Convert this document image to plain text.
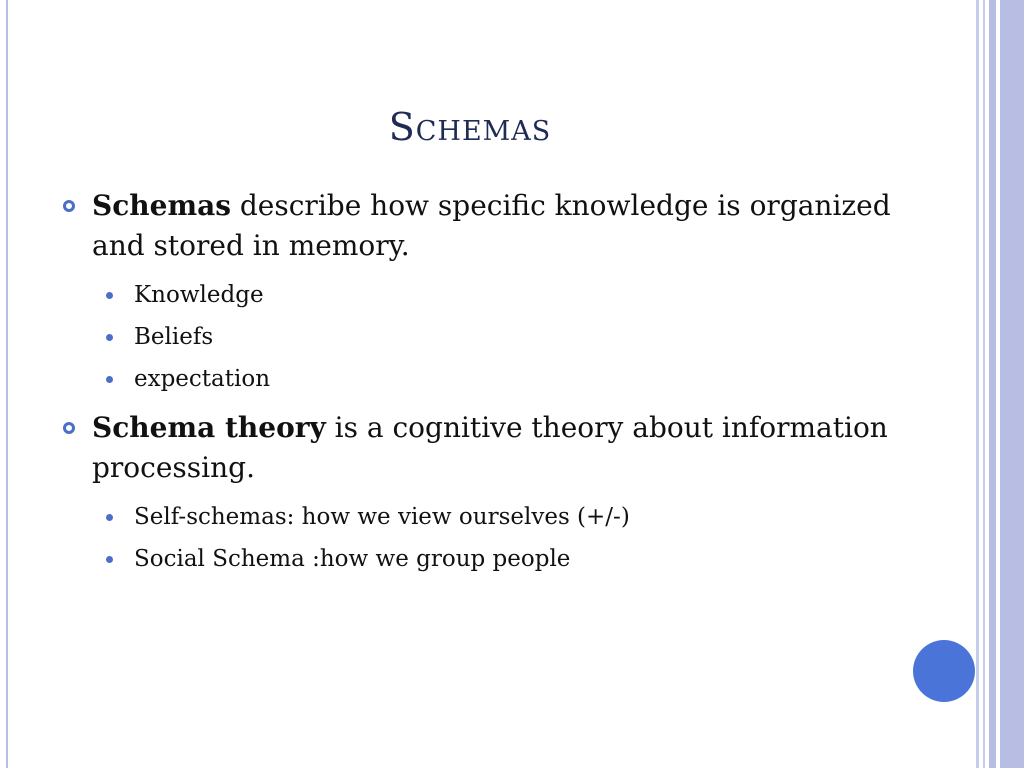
Schemas
Schemas describe how specific knowledge is organized and stored in memory.
Knowledge
Beliefs
expectation
Schema theory is a cognitive theory about information processing.
Self-schemas: how we view ourselves (+/-)
Social Schema :how we group people
